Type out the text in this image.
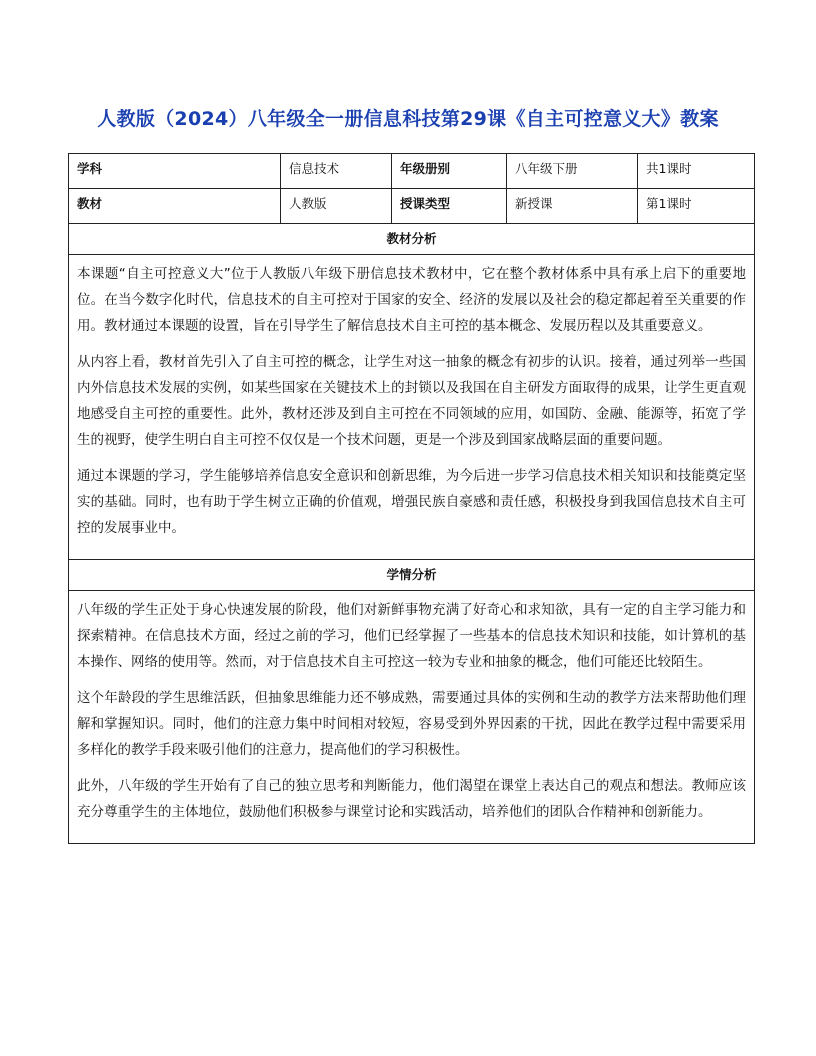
人教版（2024）八年级全一册信息科技第29课《自主可控意义大》教案
学科	信息技术	年级册别	八年级下册	共1课时
教材	人教版	授课类型	新授课	第1课时
教材分析				

本课题“自主可控意义大”位于人教版八年级下册信息技术教材中，它在整个教材体系中具有承上启下的重要地位。在当今数字化时代，信息技术的自主可控对于国家的安全、经济的发展以及社会的稳定都起着至关重要的作用。教材通过本课题的设置，旨在引导学生了解信息技术自主可控的基本概念、发展历程以及其重要意义。

从内容上看，教材首先引入了自主可控的概念，让学生对这一抽象的概念有初步的认识。接着，通过列举一些国内外信息技术发展的实例，如某些国家在关键技术上的封锁以及我国在自主研发方面取得的成果，让学生更直观地感受自主可控的重要性。此外，教材还涉及到自主可控在不同领域的应用，如国防、金融、能源等，拓宽了学生的视野，使学生明白自主可控不仅仅是一个技术问题，更是一个涉及到国家战略层面的重要问题。

通过本课题的学习，学生能够培养信息安全意识和创新思维，为今后进一步学习信息技术相关知识和技能奠定坚实的基础。同时，也有助于学生树立正确的价值观，增强民族自豪感和责任感，积极投身到我国信息技术自主可控的发展事业中。				

学情分析				

八年级的学生正处于身心快速发展的阶段，他们对新鲜事物充满了好奇心和求知欲，具有一定的自主学习能力和探索精神。在信息技术方面，经过之前的学习，他们已经掌握了一些基本的信息技术知识和技能，如计算机的基本操作、网络的使用等。然而，对于信息技术自主可控这一较为专业和抽象的概念，他们可能还比较陌生。

这个年龄段的学生思维活跃，但抽象思维能力还不够成熟，需要通过具体的实例和生动的教学方法来帮助他们理解和掌握知识。同时，他们的注意力集中时间相对较短，容易受到外界因素的干扰，因此在教学过程中需要采用多样化的教学手段来吸引他们的注意力，提高他们的学习积极性。

此外，八年级的学生开始有了自己的独立思考和判断能力，他们渴望在课堂上表达自己的观点和想法。教师应该充分尊重学生的主体地位，鼓励他们积极参与课堂讨论和实践活动，培养他们的团队合作精神和创新能力。				
